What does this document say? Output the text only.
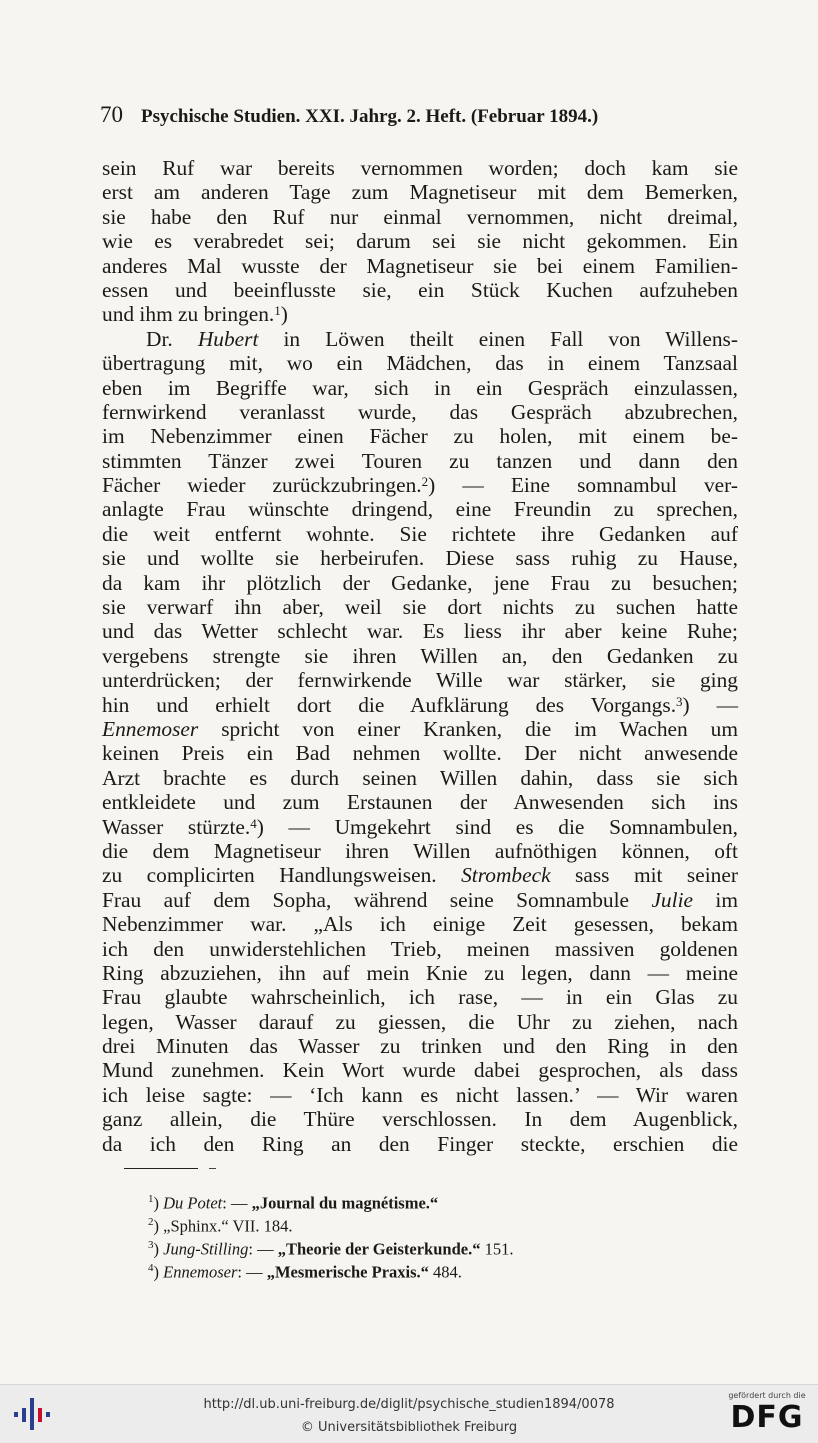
70 Psychische Studien. XXI. Jahrg. 2. Heft. (Februar 1894.)
sein Ruf war bereits vernommen worden; doch kam sie
erst am anderen Tage zum Magnetiseur mit dem Bemerken,
sie habe den Ruf nur einmal vernommen, nicht dreimal,
wie es verabredet sei; darum sei sie nicht gekommen. Ein
anderes Mal wusste der Magnetiseur sie bei einem Familien-
essen und beeinflusste sie, ein Stück Kuchen aufzuheben
und ihm zu bringen.$^1$)
Dr. Hubert in Löwen theilt einen Fall von Willens-
übertragung mit, wo ein Mädchen, das in einem Tanzsaal
eben im Begriffe war, sich in ein Gespräch einzulassen,
fernwirkend veranlasst wurde, das Gespräch abzubrechen,
im Nebenzimmer einen Fächer zu holen, mit einem be-
stimmten Tänzer zwei Touren zu tanzen und dann den
Fächer wieder zurückzubringen.$^2$) — Eine somnambul ver-
anlagte Frau wünschte dringend, eine Freundin zu sprechen,
die weit entfernt wohnte. Sie richtete ihre Gedanken auf
sie und wollte sie herbeirufen. Diese sass ruhig zu Hause,
da kam ihr plötzlich der Gedanke, jene Frau zu besuchen;
sie verwarf ihn aber, weil sie dort nichts zu suchen hatte
und das Wetter schlecht war. Es liess ihr aber keine Ruhe;
vergebens strengte sie ihren Willen an, den Gedanken zu
unterdrücken; der fernwirkende Wille war stärker, sie ging
hin und erhielt dort die Aufklärung des Vorgangs.$^3$) —
Ennemoser spricht von einer Kranken, die im Wachen um
keinen Preis ein Bad nehmen wollte. Der nicht anwesende
Arzt brachte es durch seinen Willen dahin, dass sie sich
entkleidete und zum Erstaunen der Anwesenden sich ins
Wasser stürzte.$^4$) — Umgekehrt sind es die Somnambulen,
die dem Magnetiseur ihren Willen aufnöthigen können, oft
zu complicirten Handlungsweisen. Strombeck sass mit seiner
Frau auf dem Sopha, während seine Somnambule Julie im
Nebenzimmer war. „Als ich einige Zeit gesessen, bekam
ich den unwiderstehlichen Trieb, meinen massiven goldenen
Ring abzuziehen, ihn auf mein Knie zu legen, dann — meine
Frau glaubte wahrscheinlich, ich rase, — in ein Glas zu
legen, Wasser darauf zu giessen, die Uhr zu ziehen, nach
drei Minuten das Wasser zu trinken und den Ring in den
Mund zunehmen. Kein Wort wurde dabei gesprochen, als dass
ich leise sagte: — ‘Ich kann es nicht lassen.’ — Wir waren
ganz allein, die Thüre verschlossen. In dem Augenblick,
da ich den Ring an den Finger steckte, erschien die
$^1$) Du Potet: — „Journal du magnétisme.“
$^2$) „Sphinx.“ VII. 184.
$^3$) Jung-Stilling: — „Theorie der Geisterkunde.“ 151.
$^4$) Ennemoser: — „Mesmerische Praxis.“ 484.
http://dl.ub.uni-freiburg.de/diglit/psychische_studien1894/0078
© Universitätsbibliothek Freiburg
gefördert durch die
DFG
